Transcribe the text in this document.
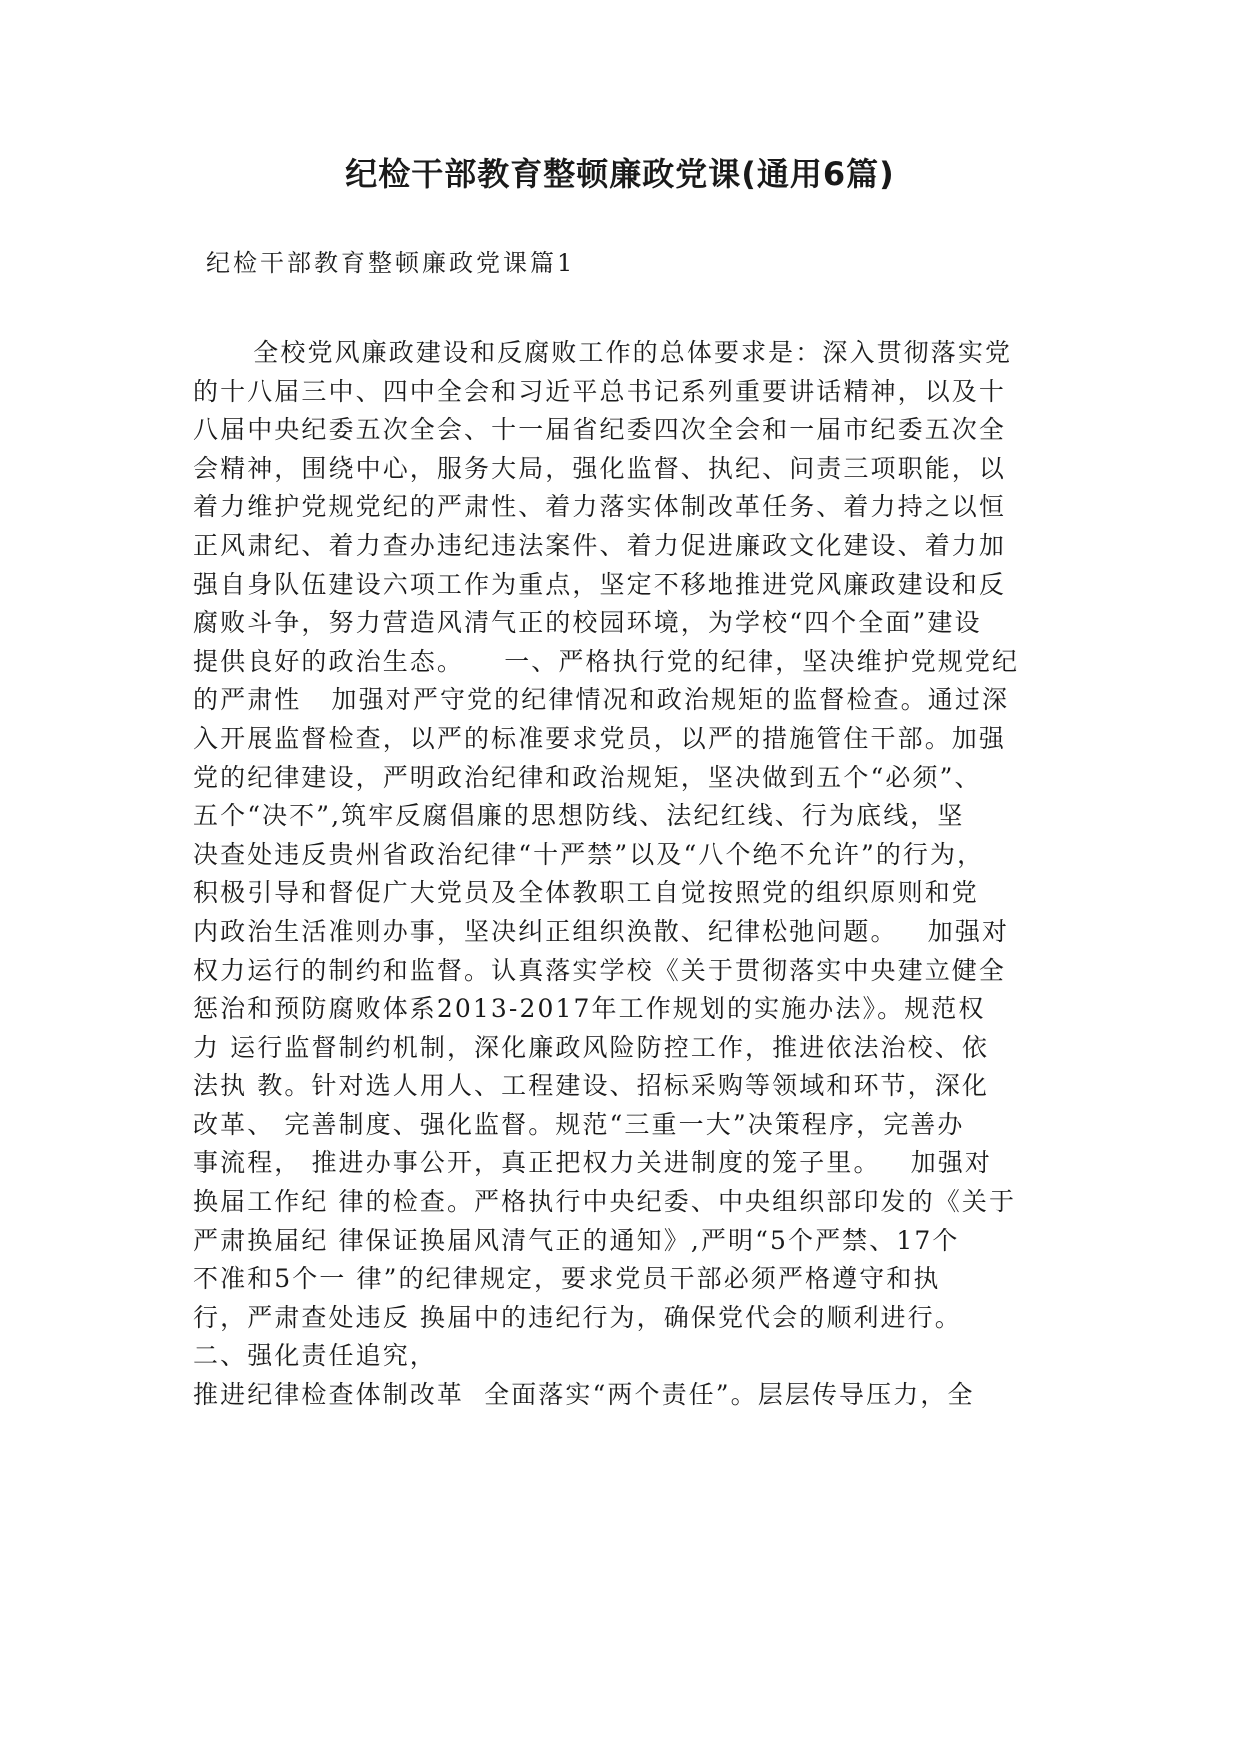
纪检干部教育整顿廉政党课(通用6篇)
纪检干部教育整顿廉政党课篇1
全校党风廉政建设和反腐败工作的总体要求是：深入贯彻落实党
的十八届三中、四中全会和习近平总书记系列重要讲话精神，以及十
八届中央纪委五次全会、十一届省纪委四次全会和一届市纪委五次全
会精神，围绕中心，服务大局，强化监督、执纪、问责三项职能，以
着力维护党规党纪的严肃性、着力落实体制改革任务、着力持之以恒
正风肃纪、着力查办违纪违法案件、着力促进廉政文化建设、着力加
强自身队伍建设六项工作为重点，坚定不移地推进党风廉政建设和反
腐败斗争，努力营造风清气正的校园环境，为学校“四个全面”建设
提供良好的政治生态。    一、严格执行党的纪律，坚决维护党规党纪
的严肃性   加强对严守党的纪律情况和政治规矩的监督检查。通过深
入开展监督检查，以严的标准要求党员，以严的措施管住干部。加强
党的纪律建设，严明政治纪律和政治规矩，坚决做到五个“必须”、
五个“决不”,筑牢反腐倡廉的思想防线、法纪红线、行为底线，坚
决查处违反贵州省政治纪律“十严禁”以及“八个绝不允许”的行为，
积极引导和督促广大党员及全体教职工自觉按照党的组织原则和党
内政治生活准则办事，坚决纠正组织涣散、纪律松弛问题。   加强对
权力运行的制约和监督。认真落实学校《关于贯彻落实中央建立健全
惩治和预防腐败体系2013-2017年工作规划的实施办法》。规范权
力 运行监督制约机制，深化廉政风险防控工作，推进依法治校、依
法执 教。针对选人用人、工程建设、招标采购等领域和环节，深化
改革、 完善制度、强化监督。规范“三重一大”决策程序，完善办
事流程， 推进办事公开，真正把权力关进制度的笼子里。   加强对
换届工作纪 律的检查。严格执行中央纪委、中央组织部印发的《关于
严肃换届纪 律保证换届风清气正的通知》,严明“5个严禁、17个
不准和5个一 律”的纪律规定，要求党员干部必须严格遵守和执
行，严肃查处违反 换届中的违纪行为，确保党代会的顺利进行。
二、强化责任追究，
推进纪律检查体制改革  全面落实“两个责任”。层层传导压力，全
